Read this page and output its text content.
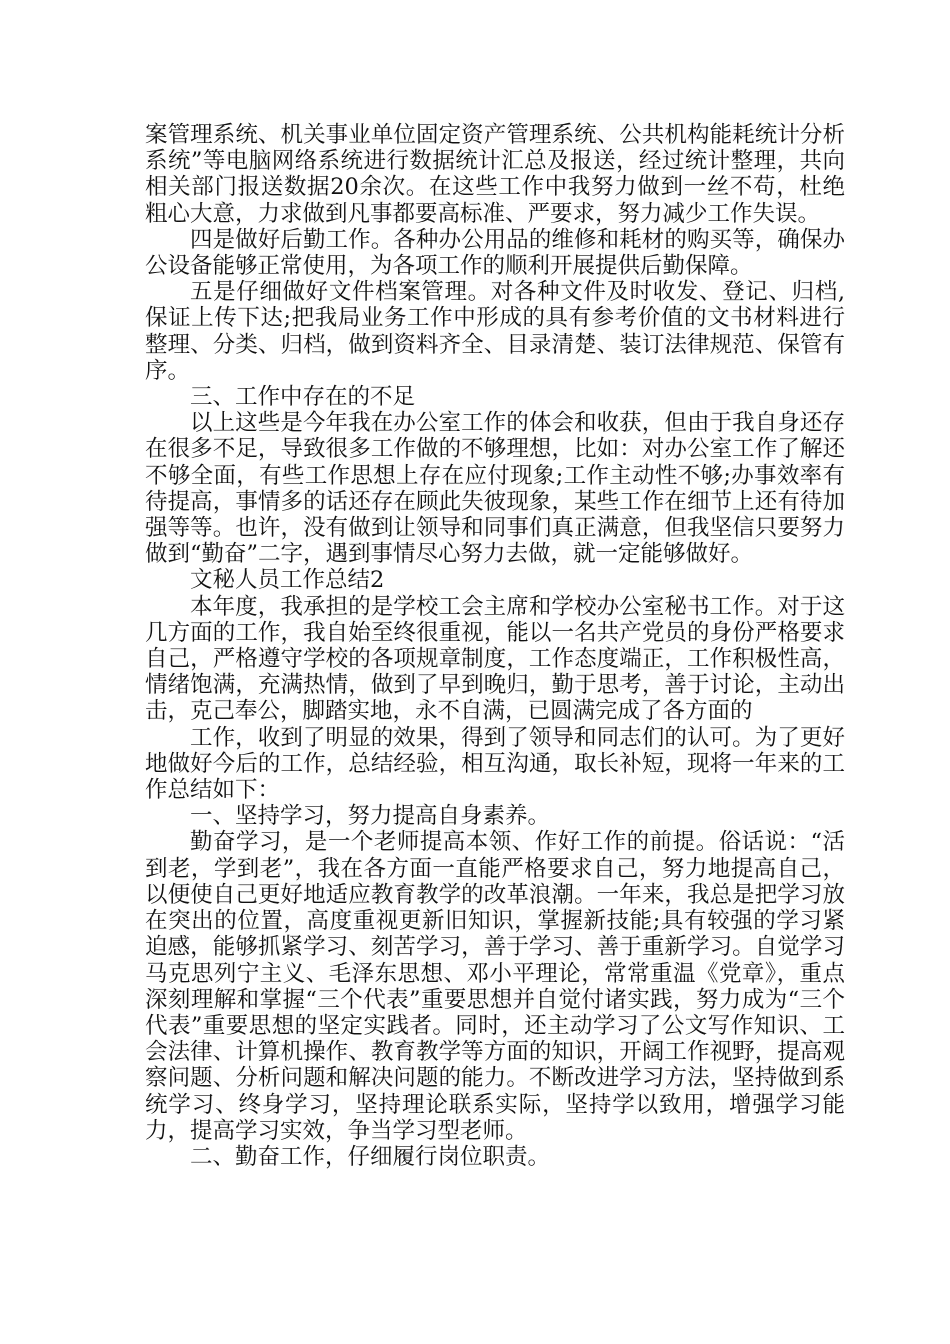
案管理系统、机关事业单位固定资产管理系统、公共机构能耗统计分析系统”等电脑网络系统进行数据统计汇总及报送，经过统计整理，共向相关部门报送数据20余次。在这些工作中我努力做到一丝不苟，杜绝粗心大意，力求做到凡事都要高标准、严要求，努力减少工作失误。

四是做好后勤工作。各种办公用品的维修和耗材的购买等，确保办公设备能够正常使用，为各项工作的顺利开展提供后勤保障。

五是仔细做好文件档案管理。对各种文件及时收发、登记、归档,保证上传下达;把我局业务工作中形成的具有参考价值的文书材料进行整理、分类、归档，做到资料齐全、目录清楚、装订法律规范、保管有序。

三、工作中存在的不足

以上这些是今年我在办公室工作的体会和收获，但由于我自身还存在很多不足，导致很多工作做的不够理想，比如：对办公室工作了解还不够全面，有些工作思想上存在应付现象;工作主动性不够;办事效率有待提高，事情多的话还存在顾此失彼现象，某些工作在细节上还有待加强等等。也许，没有做到让领导和同事们真正满意，但我坚信只要努力做到“勤奋”二字，遇到事情尽心努力去做，就一定能够做好。

文秘人员工作总结2

本年度，我承担的是学校工会主席和学校办公室秘书工作。对于这几方面的工作，我自始至终很重视，能以一名共产党员的身份严格要求自己，严格遵守学校的各项规章制度，工作态度端正，工作积极性高，情绪饱满，充满热情，做到了早到晚归，勤于思考，善于讨论，主动出击，克己奉公，脚踏实地，永不自满，已圆满完成了各方面的

工作，收到了明显的效果，得到了领导和同志们的认可。为了更好地做好今后的工作，总结经验，相互沟通，取长补短，现将一年来的工作总结如下：

一、坚持学习，努力提高自身素养。

勤奋学习，是一个老师提高本领、作好工作的前提。俗话说：“活到老，学到老”，我在各方面一直能严格要求自己，努力地提高自己，以便使自己更好地适应教育教学的改革浪潮。一年来，我总是把学习放在突出的位置，高度重视更新旧知识，掌握新技能;具有较强的学习紧迫感，能够抓紧学习、刻苦学习，善于学习、善于重新学习。自觉学习马克思列宁主义、毛泽东思想、邓小平理论，常常重温《党章》，重点深刻理解和掌握“三个代表”重要思想并自觉付诸实践，努力成为“三个代表”重要思想的坚定实践者。同时，还主动学习了公文写作知识、工会法律、计算机操作、教育教学等方面的知识，开阔工作视野，提高观察问题、分析问题和解决问题的能力。不断改进学习方法，坚持做到系统学习、终身学习，坚持理论联系实际，坚持学以致用，增强学习能力，提高学习实效，争当学习型老师。

二、勤奋工作，仔细履行岗位职责。
